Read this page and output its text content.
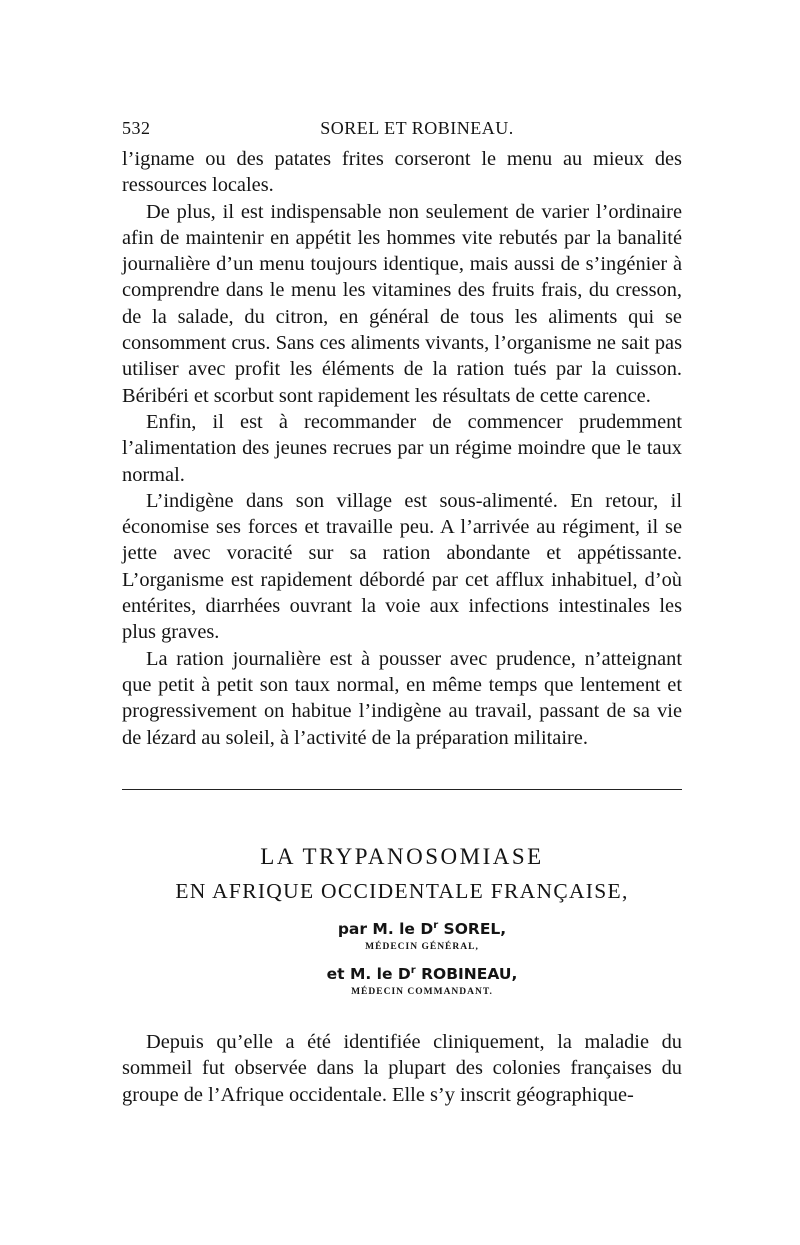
532	SOREL ET ROBINEAU.

l’igname ou des patates frites corseront le menu au mieux des ressources locales.

De plus, il est indispensable non seulement de varier l’ordinaire afin de maintenir en appétit les hommes vite rebutés par la banalité journalière d’un menu toujours identique, mais aussi de s’ingénier à comprendre dans le menu les vitamines des fruits frais, du cresson, de la salade, du citron, en général de tous les aliments qui se consomment crus. Sans ces aliments vivants, l’organisme ne sait pas utiliser avec profit les éléments de la ration tués par la cuisson. Béribéri et scorbut sont rapidement les résultats de cette carence.

Enfin, il est à recommander de commencer prudemment l’alimentation des jeunes recrues par un régime moindre que le taux normal.

L’indigène dans son village est sous-alimenté. En retour, il économise ses forces et travaille peu. A l’arrivée au régiment, il se jette avec voracité sur sa ration abondante et appétissante. L’organisme est rapidement débordé par cet afflux inhabituel, d’où entérites, diarrhées ouvrant la voie aux infections intestinales les plus graves.

La ration journalière est à pousser avec prudence, n’atteignant que petit à petit son taux normal, en même temps que lentement et progressivement on habitue l’indigène au travail, passant de sa vie de lézard au soleil, à l’activité de la préparation militaire.

LA TRYPANOSOMIASE
EN AFRIQUE OCCIDENTALE FRANÇAISE,
par M. le $D^r$ SOREL,
MÉDECIN GÉNÉRAL,
et M. le $D^r$ ROBINEAU,
MÉDECIN COMMANDANT.

Depuis qu’elle a été identifiée cliniquement, la maladie du sommeil fut observée dans la plupart des colonies françaises du groupe de l’Afrique occidentale. Elle s’y inscrit géographique-
